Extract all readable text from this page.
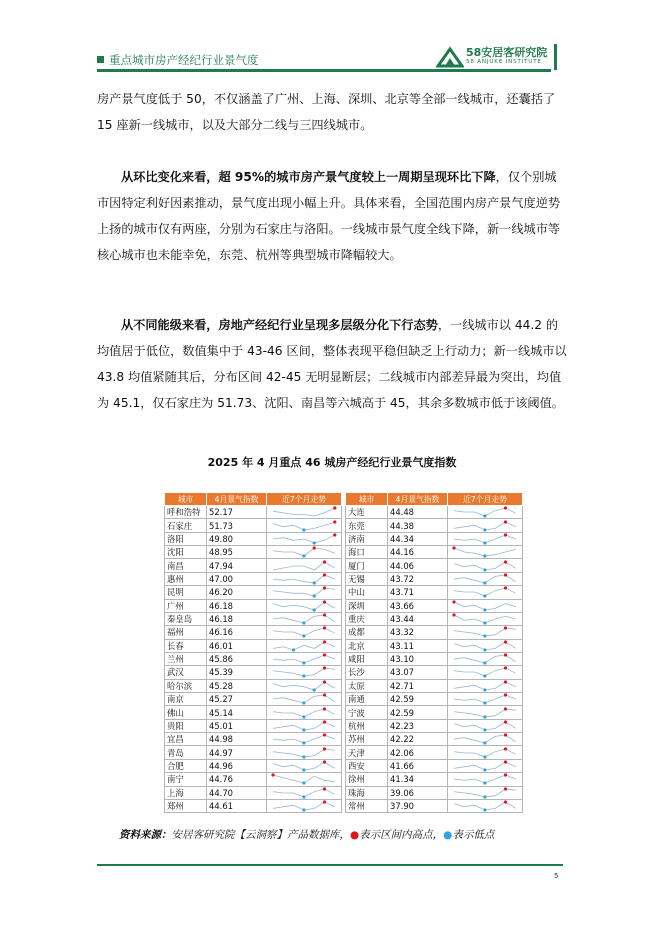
重点城市房产经纪行业景气度
58安居客研究院
58 ANJUKE INSTITUTE

房产景气度低于 50，不仅涵盖了广州、上海、深圳、北京等全部一线城市，还囊括了 15 座新一线城市，以及大部分二线与三四线城市。

从环比变化来看，超 95%的城市房产景气度较上一周期呈现环比下降，仅个别城市因特定利好因素推动，景气度出现小幅上升。具体来看，全国范围内房产景气度逆势上扬的城市仅有两座，分别为石家庄与洛阳。一线城市景气度全线下降，新一线城市等核心城市也未能幸免，东莞、杭州等典型城市降幅较大。

从不同能级来看，房地产经纪行业呈现多层级分化下行态势，一线城市以 44.2 的均值居于低位，数值集中于 43-46 区间，整体表现平稳但缺乏上行动力；新一线城市以 43.8 均值紧随其后，分布区间 42-45 无明显断层；二线城市内部差异最为突出，均值为 45.1，仅石家庄为 51.73、沈阳、南昌等六城高于 45，其余多数城市低于该阈值。

2025 年 4 月重点 46 城房产经纪行业景气度指数
城市	4月景气指数	近7个月走势		城市	4月景气指数	近7个月走势
呼和浩特	52.17			大连	44.48	

石家庄	51.73			东莞	44.38	

洛阳	49.80			济南	44.34	

沈阳	48.95			海口	44.16	

南昌	47.94			厦门	44.06	

惠州	47.00			无锡	43.72	

昆明	46.20			中山	43.71	

广州	46.18			深圳	43.66	

秦皇岛	46.18			重庆	43.44	

福州	46.16			成都	43.32	

长春	46.01			北京	43.11	

兰州	45.86			咸阳	43.10	

武汉	45.39			长沙	43.07	

哈尔滨	45.28			太原	42.71	

南京	45.27			南通	42.59	

佛山	45.14			宁波	42.59	

贵阳	45.01			杭州	42.23	

宜昌	44.98			苏州	42.22	

青岛	44.97			天津	42.06	

合肥	44.96			西安	41.66	

南宁	44.76			徐州	41.34	

上海	44.70			珠海	39.06	

郑州	44.61			常州	37.90	
资料来源：安居客研究院【云洞察】产品数据库，●表示区间内高点，●表示低点
5
